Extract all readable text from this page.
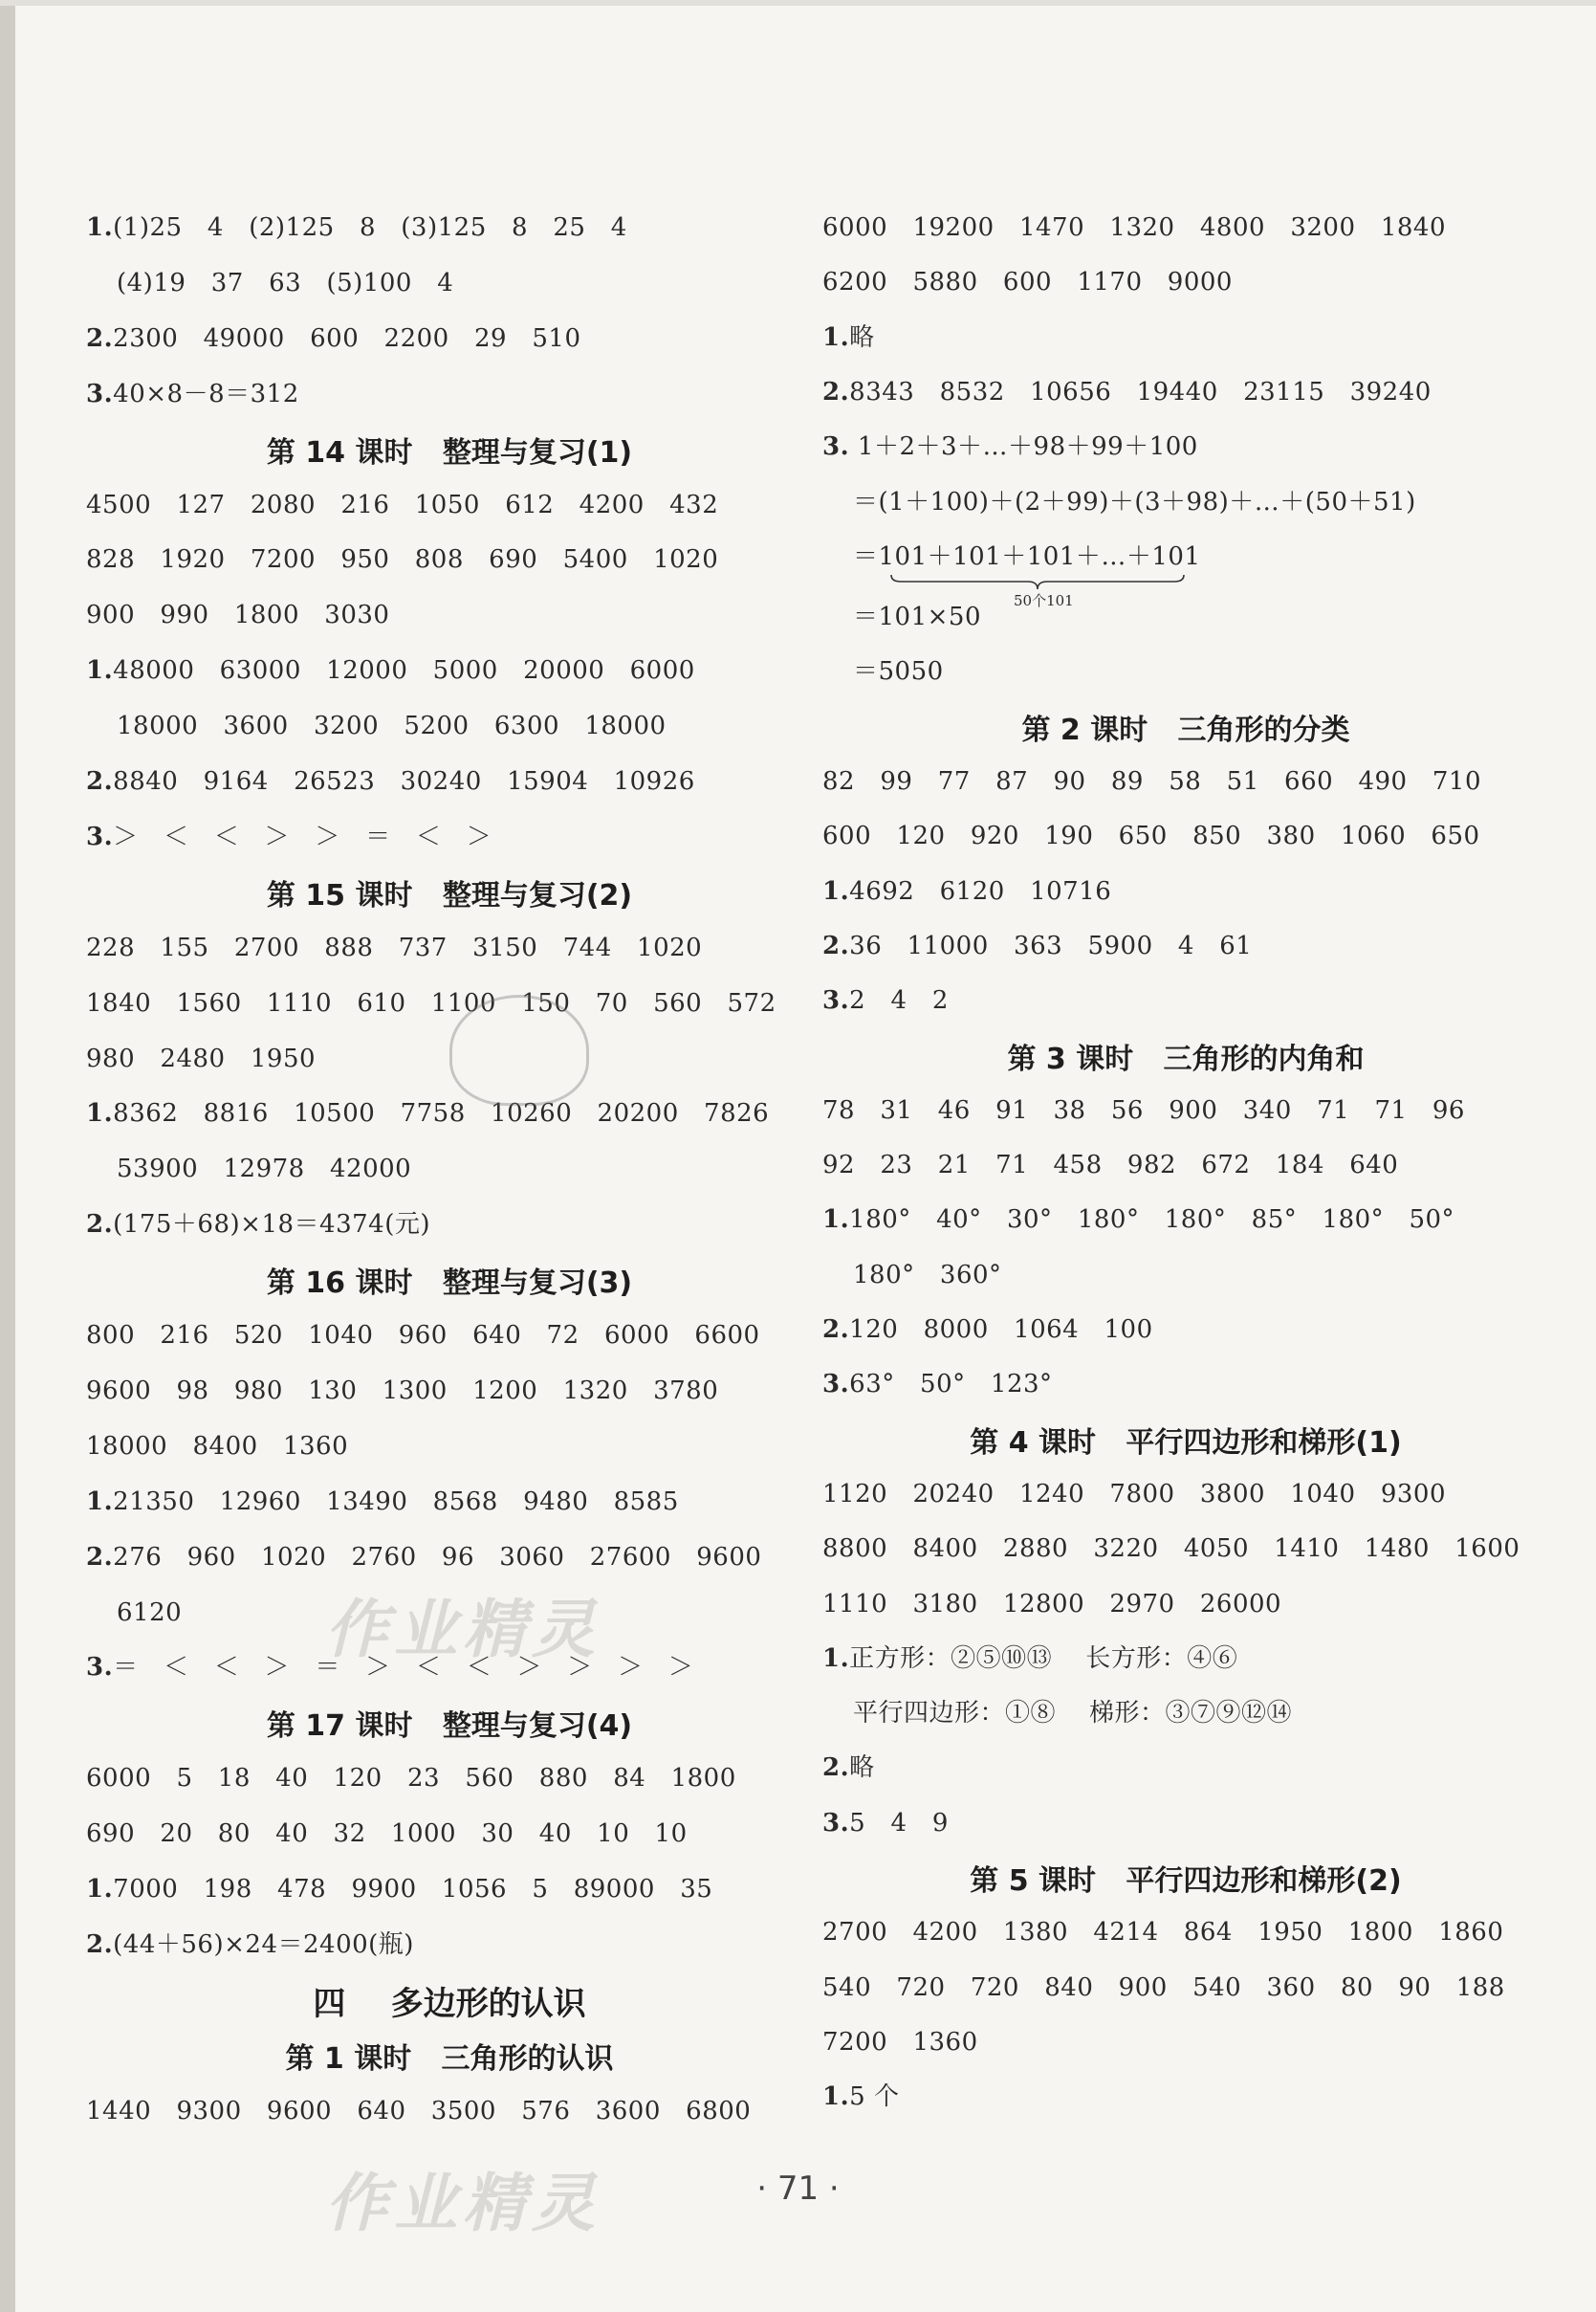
1.(1)25   4   (2)125   8   (3)125   8   25   4
(4)19   37   63   (5)100   4
2.2300   49000   600   2200   29   510
3.40×8－8＝312
第 14 课时   整理与复习(1)
4500   127   2080   216   1050   612   4200   432
828   1920   7200   950   808   690   5400   1020
900   990   1800   3030
1.48000   63000   12000   5000   20000   6000
18000   3600   3200   5200   6300   18000
2.8840   9164   26523   30240   15904   10926
3.＞   ＜   ＜   ＞   ＞   ＝   ＜   ＞
第 15 课时   整理与复习(2)
228   155   2700   888   737   3150   744   1020
1840   1560   1110   610   1100   150   70   560   572
980   2480   1950
1.8362   8816   10500   7758   10260   20200   7826
53900   12978   42000
2.(175＋68)×18＝4374(元)
第 16 课时   整理与复习(3)
800   216   520   1040   960   640   72   6000   6600
9600   98   980   130   1300   1200   1320   3780
18000   8400   1360
1.21350   12960   13490   8568   9480   8585
2.276   960   1020   2760   96   3060   27600   9600
6120
3.＝   ＜   ＜   ＞   ＝   ＞   ＜   ＜   ＞   ＞   ＞   ＞
第 17 课时   整理与复习(4)
6000   5   18   40   120   23   560   880   84   1800
690   20   80   40   32   1000   30   40   10   10
1.7000   198   478   9900   1056   5   89000   35
2.(44＋56)×24＝2400(瓶)
四    多边形的认识
第 1 课时   三角形的认识
1440   9300   9600   640   3500   576   3600   6800
6000   19200   1470   1320   4800   3200   1840
6200   5880   600   1170   9000
1.略
2.8343   8532   10656   19440   23115   39240
3. 1＋2＋3＋…＋98＋99＋100
＝(1＋100)＋(2＋99)＋(3＋98)＋…＋(50＋51)
＝101＋101＋101＋…＋101
50个101
＝101×50
＝5050
第 2 课时   三角形的分类
82   99   77   87   90   89   58   51   660   490   710
600   120   920   190   650   850   380   1060   650
1.4692   6120   10716
2.36   11000   363   5900   4   61
3.2   4   2
第 3 课时   三角形的内角和
78   31   46   91   38   56   900   340   71   71   96
92   23   21   71   458   982   672   184   640
1.180°   40°   30°   180°   180°   85°   180°   50°
180°   360°
2.120   8000   1064   100
3.63°   50°   123°
第 4 课时   平行四边形和梯形(1)
1120   20240   1240   7800   3800   1040   9300
8800   8400   2880   3220   4050   1410   1480   1600
1110   3180   12800   2970   26000
1.正方形：②⑤⑩⑬    长方形：④⑥
平行四边形：①⑧    梯形：③⑦⑨⑫⑭
2.略
3.5   4   9
第 5 课时   平行四边形和梯形(2)
2700   4200   1380   4214   864   1950   1800   1860
540   720   720   840   900   540   360   80   90   188
7200   1360
1.5 个
作业精灵
作业精灵	· 71 ·
